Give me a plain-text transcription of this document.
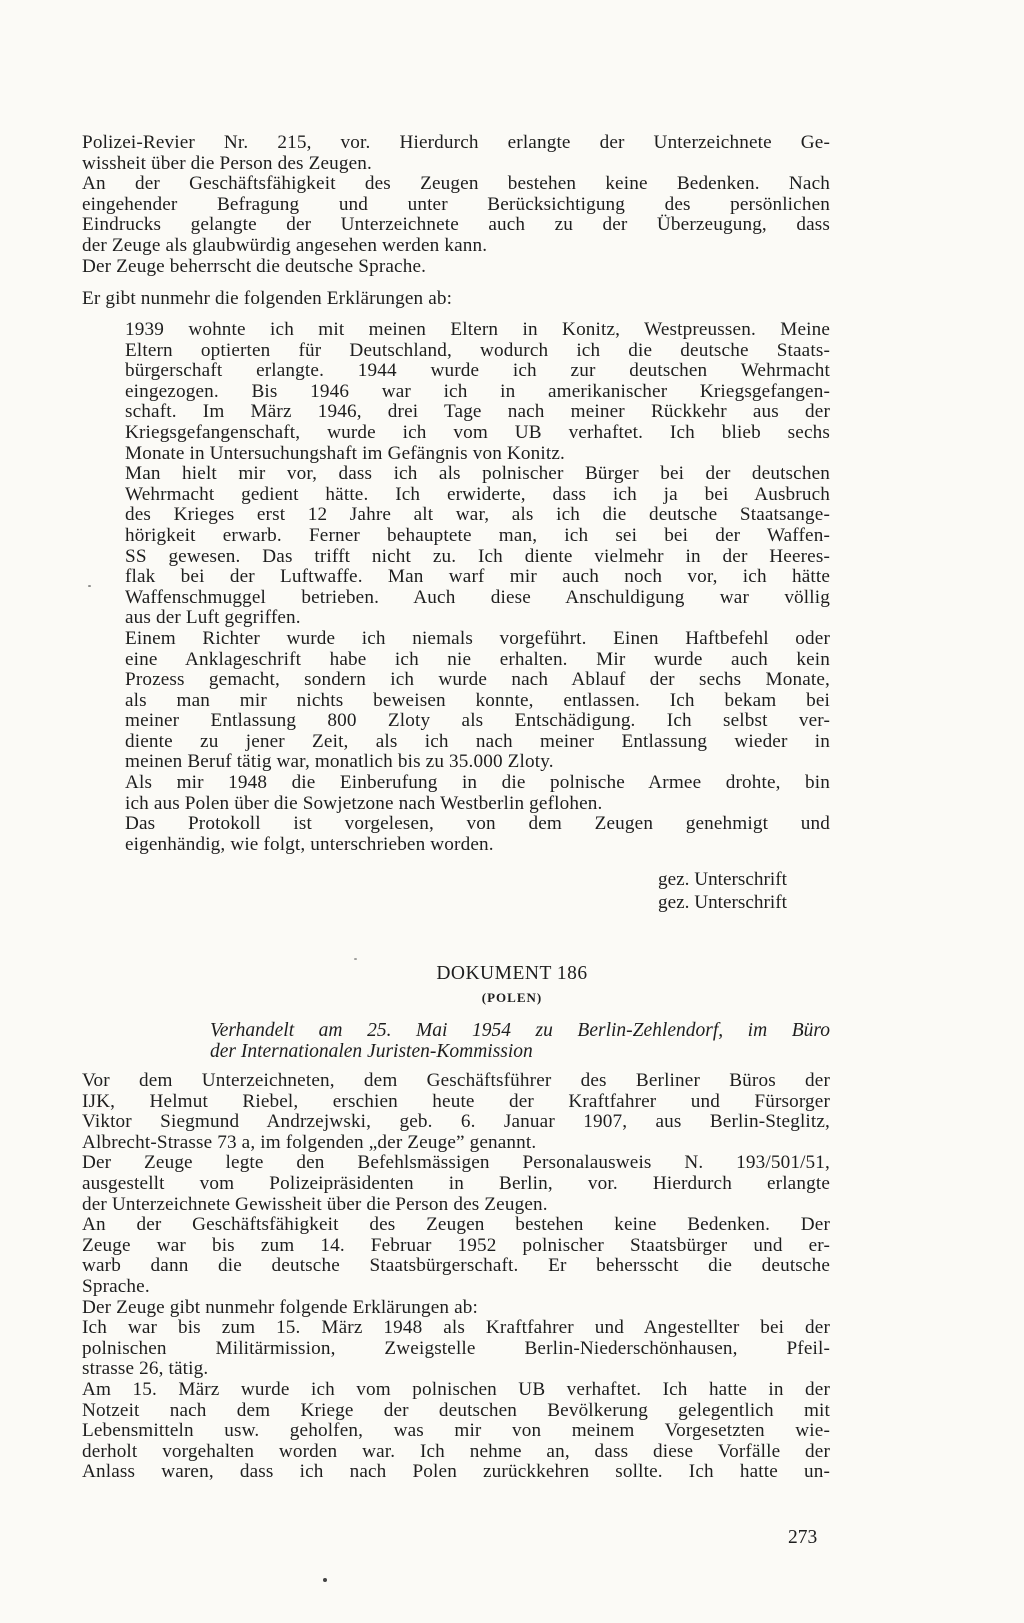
Polizei-Revier Nr. 215, vor. Hierdurch erlangte der Unterzeichnete Ge-
wissheit über die Person des Zeugen.
An der Geschäftsfähigkeit des Zeugen bestehen keine Bedenken. Nach
eingehender Befragung und unter Berücksichtigung des persönlichen
Eindrucks gelangte der Unterzeichnete auch zu der Überzeugung, dass
der Zeuge als glaubwürdig angesehen werden kann.
Der Zeuge beherrscht die deutsche Sprache.
Er gibt nunmehr die folgenden Erklärungen ab:
1939 wohnte ich mit meinen Eltern in Konitz, Westpreussen. Meine
Eltern optierten für Deutschland, wodurch ich die deutsche Staats-
bürgerschaft erlangte. 1944 wurde ich zur deutschen Wehrmacht
eingezogen. Bis 1946 war ich in amerikanischer Kriegsgefangen-
schaft. Im März 1946, drei Tage nach meiner Rückkehr aus der
Kriegsgefangenschaft, wurde ich vom UB verhaftet. Ich blieb sechs
Monate in Untersuchungshaft im Gefängnis von Konitz.
Man hielt mir vor, dass ich als polnischer Bürger bei der deutschen
Wehrmacht gedient hätte. Ich erwiderte, dass ich ja bei Ausbruch
des Krieges erst 12 Jahre alt war, als ich die deutsche Staatsange-
hörigkeit erwarb. Ferner behauptete man, ich sei bei der Waffen-
SS gewesen. Das trifft nicht zu. Ich diente vielmehr in der Heeres-
flak bei der Luftwaffe. Man warf mir auch noch vor, ich hätte
Waffenschmuggel betrieben. Auch diese Anschuldigung war völlig
aus der Luft gegriffen.
Einem Richter wurde ich niemals vorgeführt. Einen Haftbefehl oder
eine Anklageschrift habe ich nie erhalten. Mir wurde auch kein
Prozess gemacht, sondern ich wurde nach Ablauf der sechs Monate,
als man mir nichts beweisen konnte, entlassen. Ich bekam bei
meiner Entlassung 800 Zloty als Entschädigung. Ich selbst ver-
diente zu jener Zeit, als ich nach meiner Entlassung wieder in
meinen Beruf tätig war, monatlich bis zu 35.000 Zloty.
Als mir 1948 die Einberufung in die polnische Armee drohte, bin
ich aus Polen über die Sowjetzone nach Westberlin geflohen.
Das Protokoll ist vorgelesen, von dem Zeugen genehmigt und
eigenhändig, wie folgt, unterschrieben worden.
gez. Unterschrift
gez. Unterschrift
DOKUMENT 186
(POLEN)
Verhandelt am 25. Mai 1954 zu Berlin-Zehlendorf, im Büro
der Internationalen Juristen-Kommission
Vor dem Unterzeichneten, dem Geschäftsführer des Berliner Büros der
IJK, Helmut Riebel, erschien heute der Kraftfahrer und Fürsorger
Viktor Siegmund Andrzejwski, geb. 6. Januar 1907, aus Berlin-Steglitz,
Albrecht-Strasse 73 a, im folgenden „der Zeuge” genannt.
Der Zeuge legte den Befehlsmässigen Personalausweis N. 193/501/51,
ausgestellt vom Polizeipräsidenten in Berlin, vor. Hierdurch erlangte
der Unterzeichnete Gewissheit über die Person des Zeugen.
An der Geschäftsfähigkeit des Zeugen bestehen keine Bedenken. Der
Zeuge war bis zum 14. Februar 1952 polnischer Staatsbürger und er-
warb dann die deutsche Staatsbürgerschaft. Er behersscht die deutsche
Sprache.
Der Zeuge gibt nunmehr folgende Erklärungen ab:
Ich war bis zum 15. März 1948 als Kraftfahrer und Angestellter bei der
polnischen Militärmission, Zweigstelle Berlin-Niederschönhausen, Pfeil-
strasse 26, tätig.
Am 15. März wurde ich vom polnischen UB verhaftet. Ich hatte in der
Notzeit nach dem Kriege der deutschen Bevölkerung gelegentlich mit
Lebensmitteln usw. geholfen, was mir von meinem Vorgesetzten wie-
derholt vorgehalten worden war. Ich nehme an, dass diese Vorfälle der
Anlass waren, dass ich nach Polen zurückkehren sollte. Ich hatte un-
273
